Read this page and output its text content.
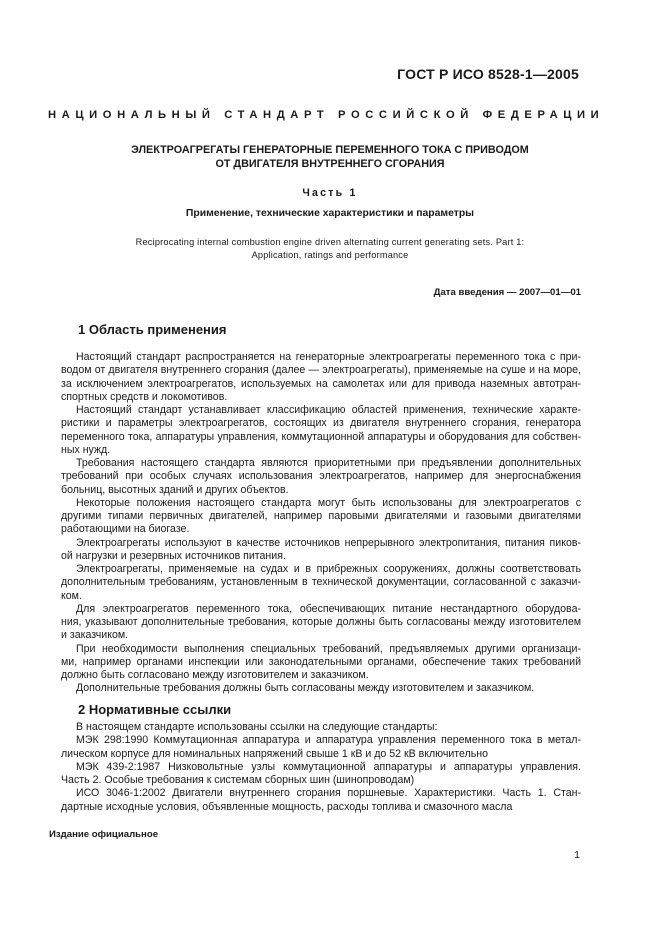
ГОСТ Р ИСО 8528-1—2005
НАЦИОНАЛЬНЫЙ СТАНДАРТ РОССИЙСКОЙ ФЕДЕРАЦИИ
ЭЛЕКТРОАГРЕГАТЫ ГЕНЕРАТОРНЫЕ ПЕРЕМЕННОГО ТОКА С ПРИВОДОМ
ОТ ДВИГАТЕЛЯ ВНУТРЕННЕГО СГОРАНИЯ
Часть 1
Применение, технические характеристики и параметры
Reciprocating internal combustion engine driven alternating current generating sets. Part 1:
Application, ratings and performance
Дата введения — 2007—01—01
1 Область применения
Настоящий стандарт распространяется на генераторные электроагрегаты переменного тока с при-
водом от двигателя внутреннего сгорания (далее — электроагрегаты), применяемые на суше и на море,
за исключением электроагрегатов, используемых на самолетах или для привода наземных автотран-
спортных средств и локомотивов.
Настоящий стандарт устанавливает классификацию областей применения, технические характе-
ристики и параметры электроагрегатов, состоящих из двигателя внутреннего сгорания, генератора
переменного тока, аппаратуры управления, коммутационной аппаратуры и оборудования для собствен-
ных нужд.
Требования настоящего стандарта являются приоритетными при предъявлении дополнительных
требований при особых случаях использования электроагрегатов, например для энергоснабжения
больниц, высотных зданий и других объектов.
Некоторые положения настоящего стандарта могут быть использованы для электроагрегатов с
другими типами первичных двигателей, например паровыми двигателями и газовыми двигателями
работающими на биогазе.
Электроагрегаты используют в качестве источников непрерывного электропитания, питания пиков-
ой нагрузки и резервных источников питания.
Электроагрегаты, применяемые на судах и в прибрежных сооружениях, должны соответствовать
дополнительным требованиям, установленным в технической документации, согласованной с заказчи-
ком.
Для электроагрегатов переменного тока, обеспечивающих питание нестандартного оборудова-
ния, указывают дополнительные требования, которые должны быть согласованы между изготовителем
и заказчиком.
При необходимости выполнения специальных требований, предъявляемых другими организаци-
ми, например органами инспекции или законодательными органами, обеспечение таких требований
должно быть согласовано между изготовителем и заказчиком.
Дополнительные требования должны быть согласованы между изготовителем и заказчиком.
2 Нормативные ссылки
В настоящем стандарте использованы ссылки на следующие стандарты:
МЭК 298:1990 Коммутационная аппаратура и аппаратура управления переменного тока в метал-
лическом корпусе для номинальных напряжений свыше 1 кВ и до 52 кВ включительно
МЭК 439-2:1987 Низковольтные узлы коммутационной аппаратуры и аппаратуры управления.
Часть 2. Особые требования к системам сборных шин (шинопроводам)
ИСО 3046-1:2002 Двигатели внутреннего сгорания поршневые. Характеристики. Часть 1. Стан-
дартные исходные условия, объявленные мощность, расходы топлива и смазочного масла
Издание официальное
1
